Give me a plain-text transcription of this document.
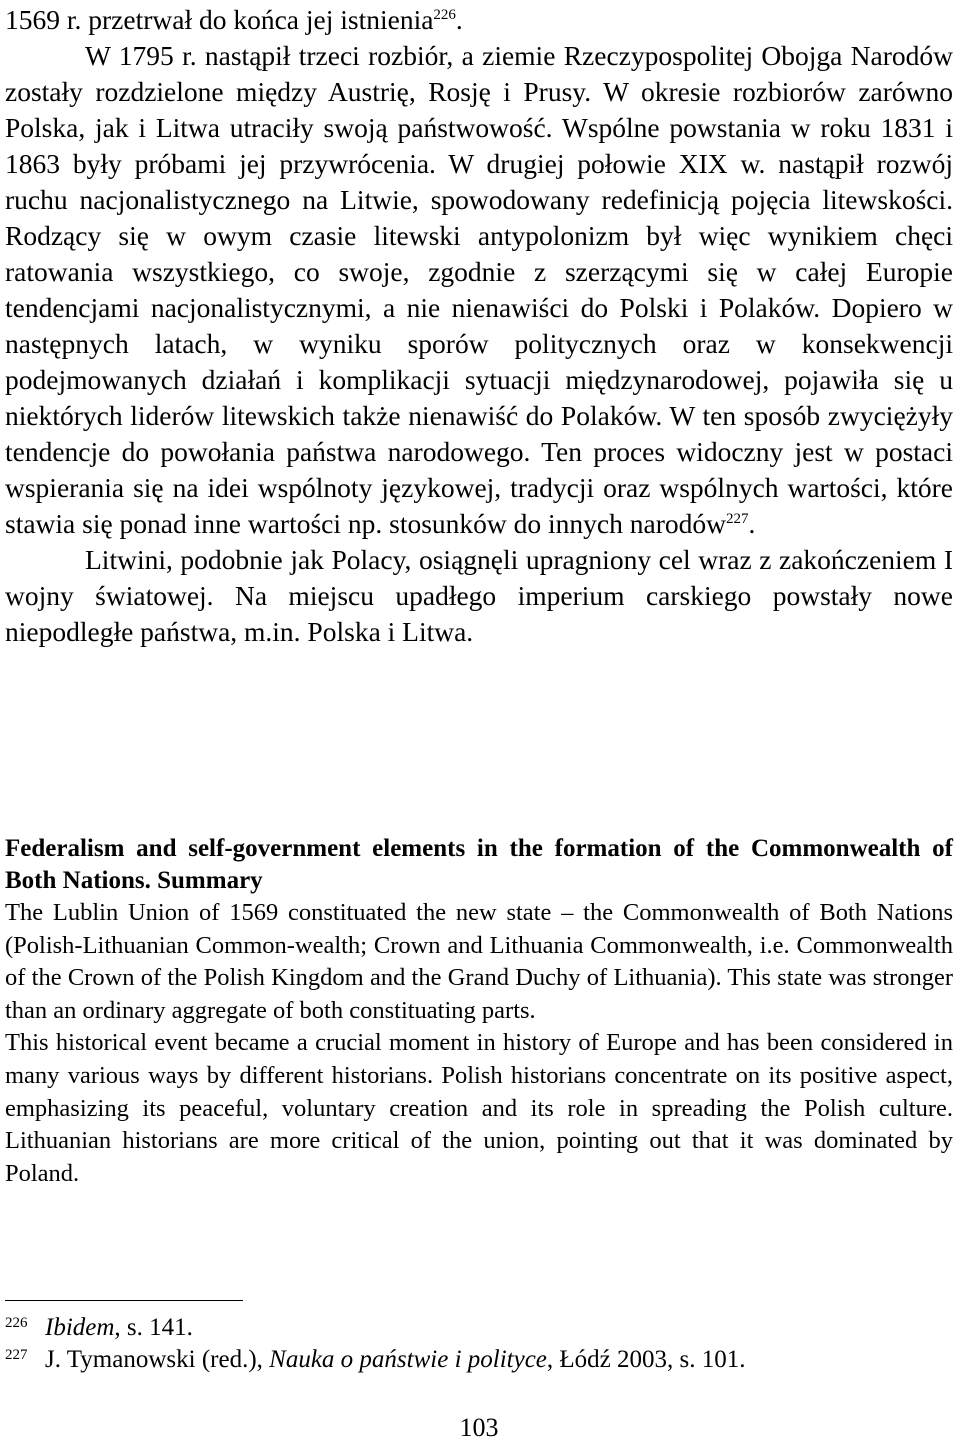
1569 r. przetrwał do końca jej istnienia$^{226}$.

W 1795 r. nastąpił trzeci rozbiór, a ziemie Rzeczypospolitej Obojga Narodów zostały rozdzielone między Austrię, Rosję i Prusy. W okresie rozbiorów zarówno Polska, jak i Litwa utraciły swoją państwowość. Wspólne powstania w roku 1831 i 1863 były próbami jej przywrócenia. W drugiej połowie XIX w. nastąpił rozwój ruchu nacjonalistycznego na Litwie, spowodowany redefinicją pojęcia litewskości. Rodzący się w owym czasie litewski antypolonizm był więc wynikiem chęci ratowania wszystkiego, co swoje, zgodnie z szerzącymi się w całej Europie tendencjami nacjonalistycznymi, a nie nienawiści do Polski i Polaków. Dopiero w następnych latach, w wyniku sporów politycznych oraz w konsekwencji podejmowanych działań i komplikacji sytuacji międzynarodowej, pojawiła się u niektórych liderów litewskich także nienawiść do Polaków. W ten sposób zwyciężyły tendencje do powołania państwa narodowego. Ten proces widoczny jest w postaci wspierania się na idei wspólnoty językowej, tradycji oraz wspólnych wartości, które stawia się ponad inne wartości np. stosunków do innych narodów$^{227}$.

Litwini, podobnie jak Polacy, osiągnęli upragniony cel wraz z zakończeniem I wojny światowej. Na miejscu upadłego imperium carskiego powstały nowe niepodległe państwa, m.in. Polska i Litwa.

Federalism and self-government elements in the formation of the Commonwealth of Both Nations. Summary

The Lublin Union of 1569 constituated the new state – the Commonwealth of Both Nations (Polish-Lithuanian Common-wealth; Crown and Lithuania Commonwealth, i.e. Commonwealth of the Crown of the Polish Kingdom and the Grand Duchy of Lithuania). This state was stronger than an ordinary aggregate of both constituating parts.

This historical event became a crucial moment in history of Europe and has been considered in many various ways by different historians. Polish historians concentrate on its positive aspect, emphasizing its peaceful, voluntary creation and its role in spreading the Polish culture. Lithuanian historians are more critical of the union, pointing out that it was dominated by Poland.

226 Ibidem, s. 141.
227 J. Tymanowski (red.), Nauka o państwie i polityce, Łódź 2003, s. 101.
103
